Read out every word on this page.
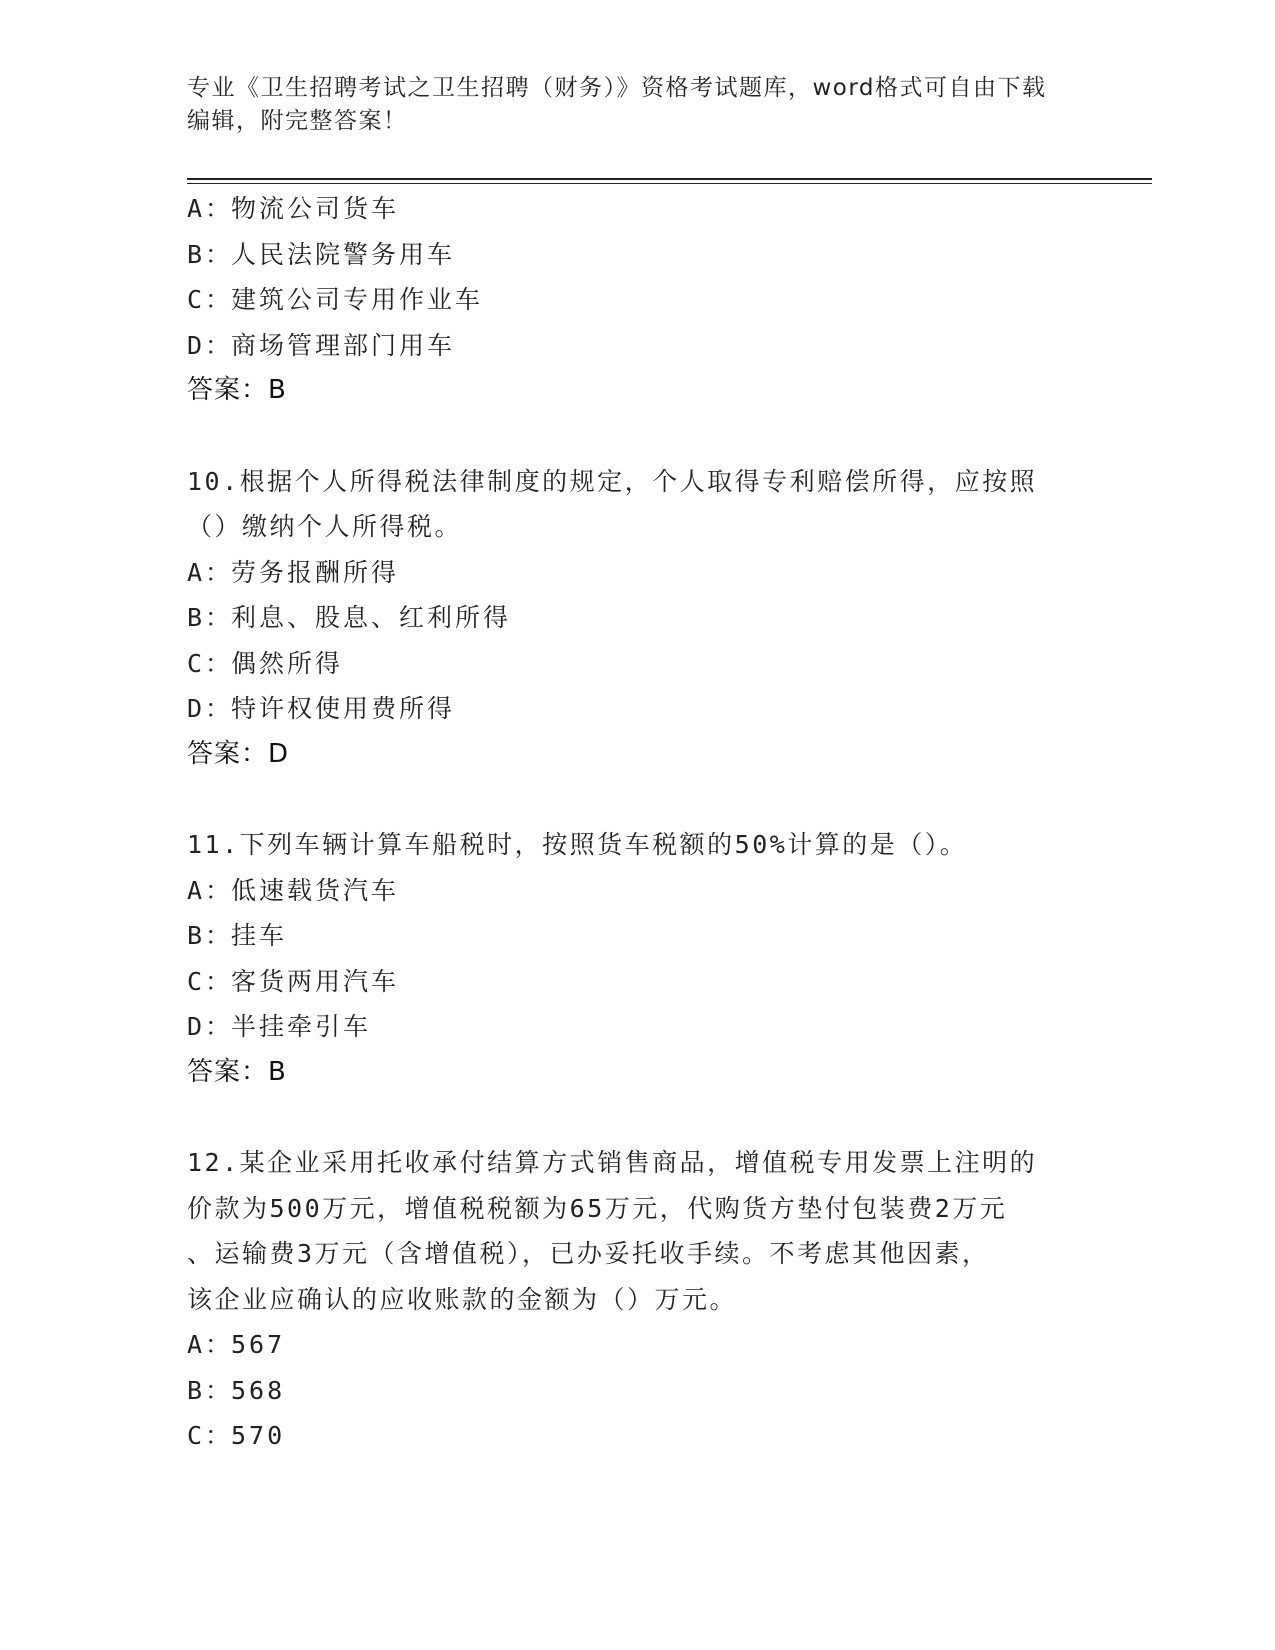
专业《卫生招聘考试之卫生招聘（财务）》资格考试题库，word格式可自由下载
编辑，附完整答案！
A：物流公司货车
B：人民法院警务用车
C：建筑公司专用作业车
D：商场管理部门用车
答案：B
10.根据个人所得税法律制度的规定，个人取得专利赔偿所得，应按照
（）缴纳个人所得税。
A：劳务报酬所得
B：利息、股息、红利所得
C：偶然所得
D：特许权使用费所得
答案：D
11.下列车辆计算车船税时，按照货车税额的50%计算的是（）。
A：低速载货汽车
B：挂车
C：客货两用汽车
D：半挂牵引车
答案：B
12.某企业采用托收承付结算方式销售商品，增值税专用发票上注明的
价款为500万元，增值税税额为65万元，代购货方垫付包装费2万元
、运输费3万元（含增值税），已办妥托收手续。不考虑其他因素，
该企业应确认的应收账款的金额为（）万元。
A：567
B：568
C：570
